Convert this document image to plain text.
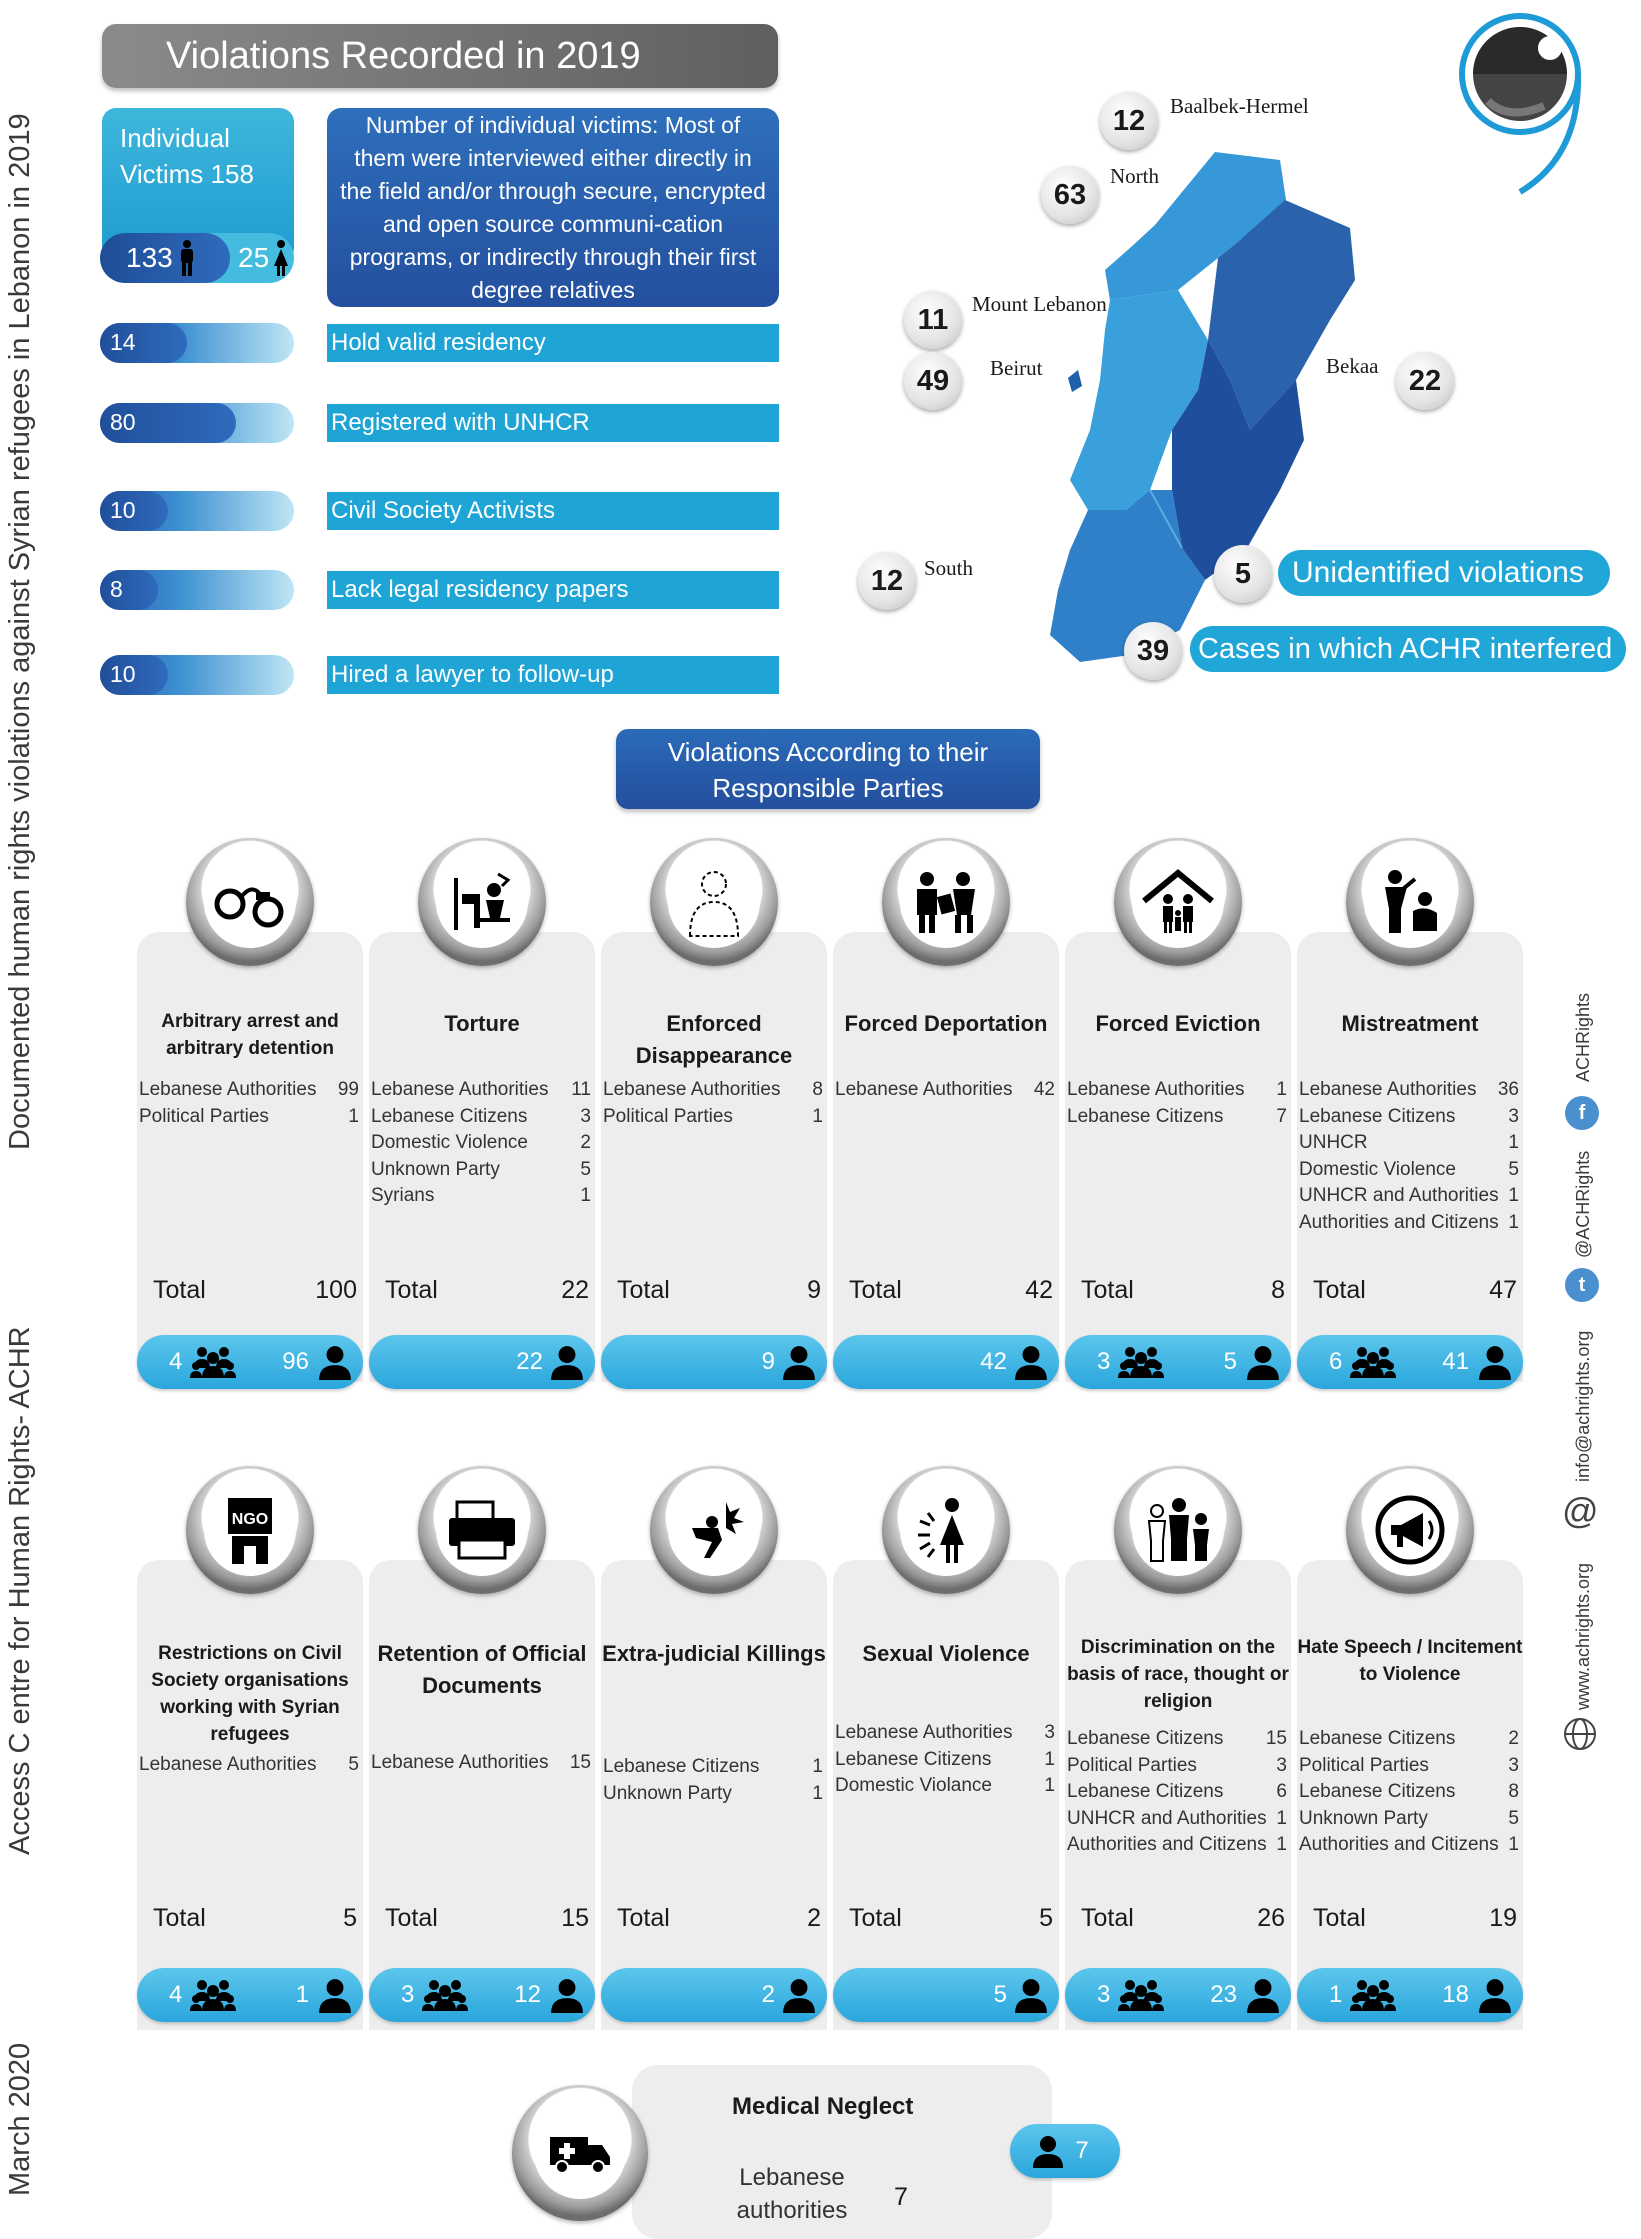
Documented human rights violations against Syrian refugees in Lebanon in 2019
Access C entre for Human Rights- ACHR
March 2020
Violations Recorded in 2019
Individual
Victims 158
133 25
Number of individual victims: Most of them were interviewed either directly in the field and/or through secure, encrypted and open source communi-cation programs, or indirectly through their first degree relatives
14	Hold valid residency
80	Registered with UNHCR
10	Civil Society Activists
8	Lack legal residency papers
10	Hired a lawyer to follow-up
12	Baalbek-Hermel
63
North
11	Mount Lebanon
49	Beirut	22
Bekaa
12 South	5	Unidentified violations
39 Cases in which ACHR interfered
Violations According to their Responsible Parties
Arbitrary arrest and arbitrary detention
Lebanese Authorities 99
Political Parties	1
Total	100
4	96
Torture
Lebanese Authorities 11
Lebanese Citizens	3
Domestic Violence	2
Unknown Party	5
Syrians	1
Total	22
22
Enforced Disappearance
Lebanese Authorities 8
Political Parties	1
Total	9
9
Forced Deportation
Lebanese Authorities 42
Total	42
42
Forced Eviction
Lebanese Authorities 1
Lebanese Citizens	7
Total	8
3	5
Mistreatment
Lebanese Authorities 36
Lebanese Citizens	3
UNHCR	1
Domestic Violence	5
UNHCR and Authorities 1
Authorities and Citizens 1
Total	47
6	41
NGO
Restrictions on Civil Society organisations working with Syrian refugees
Lebanese Authorities 5
Total	5
4	1
Retention of Official Documents
Lebanese Authorities 15
Total	15
3	12
Extra-judicial Killings
Lebanese Citizens	1
Unknown Party	1
Total	2
2
Sexual Violence
Lebanese Authorities 3
Lebanese Citizens	1
Domestic Violance	1
Total	5
5
Discrimination on the basis of race, thought or religion
Lebanese Citizens 15
Political Parties	3
Lebanese Citizens	6
UNHCR and Authorities 1
Authorities and Citizens 1
Total	26
3	23
Hate Speech / Incitement to Violence
Lebanese Citizens	2
Political Parties	3
Lebanese Citizens	8
Unknown Party	5
Authorities and Citizens 1
Total	19
1	18
Medical Neglect
Lebanese
authorities 7
7
f
ACHRights
t
@ACHRights
@
info@achrights.org
www.achrights.org
